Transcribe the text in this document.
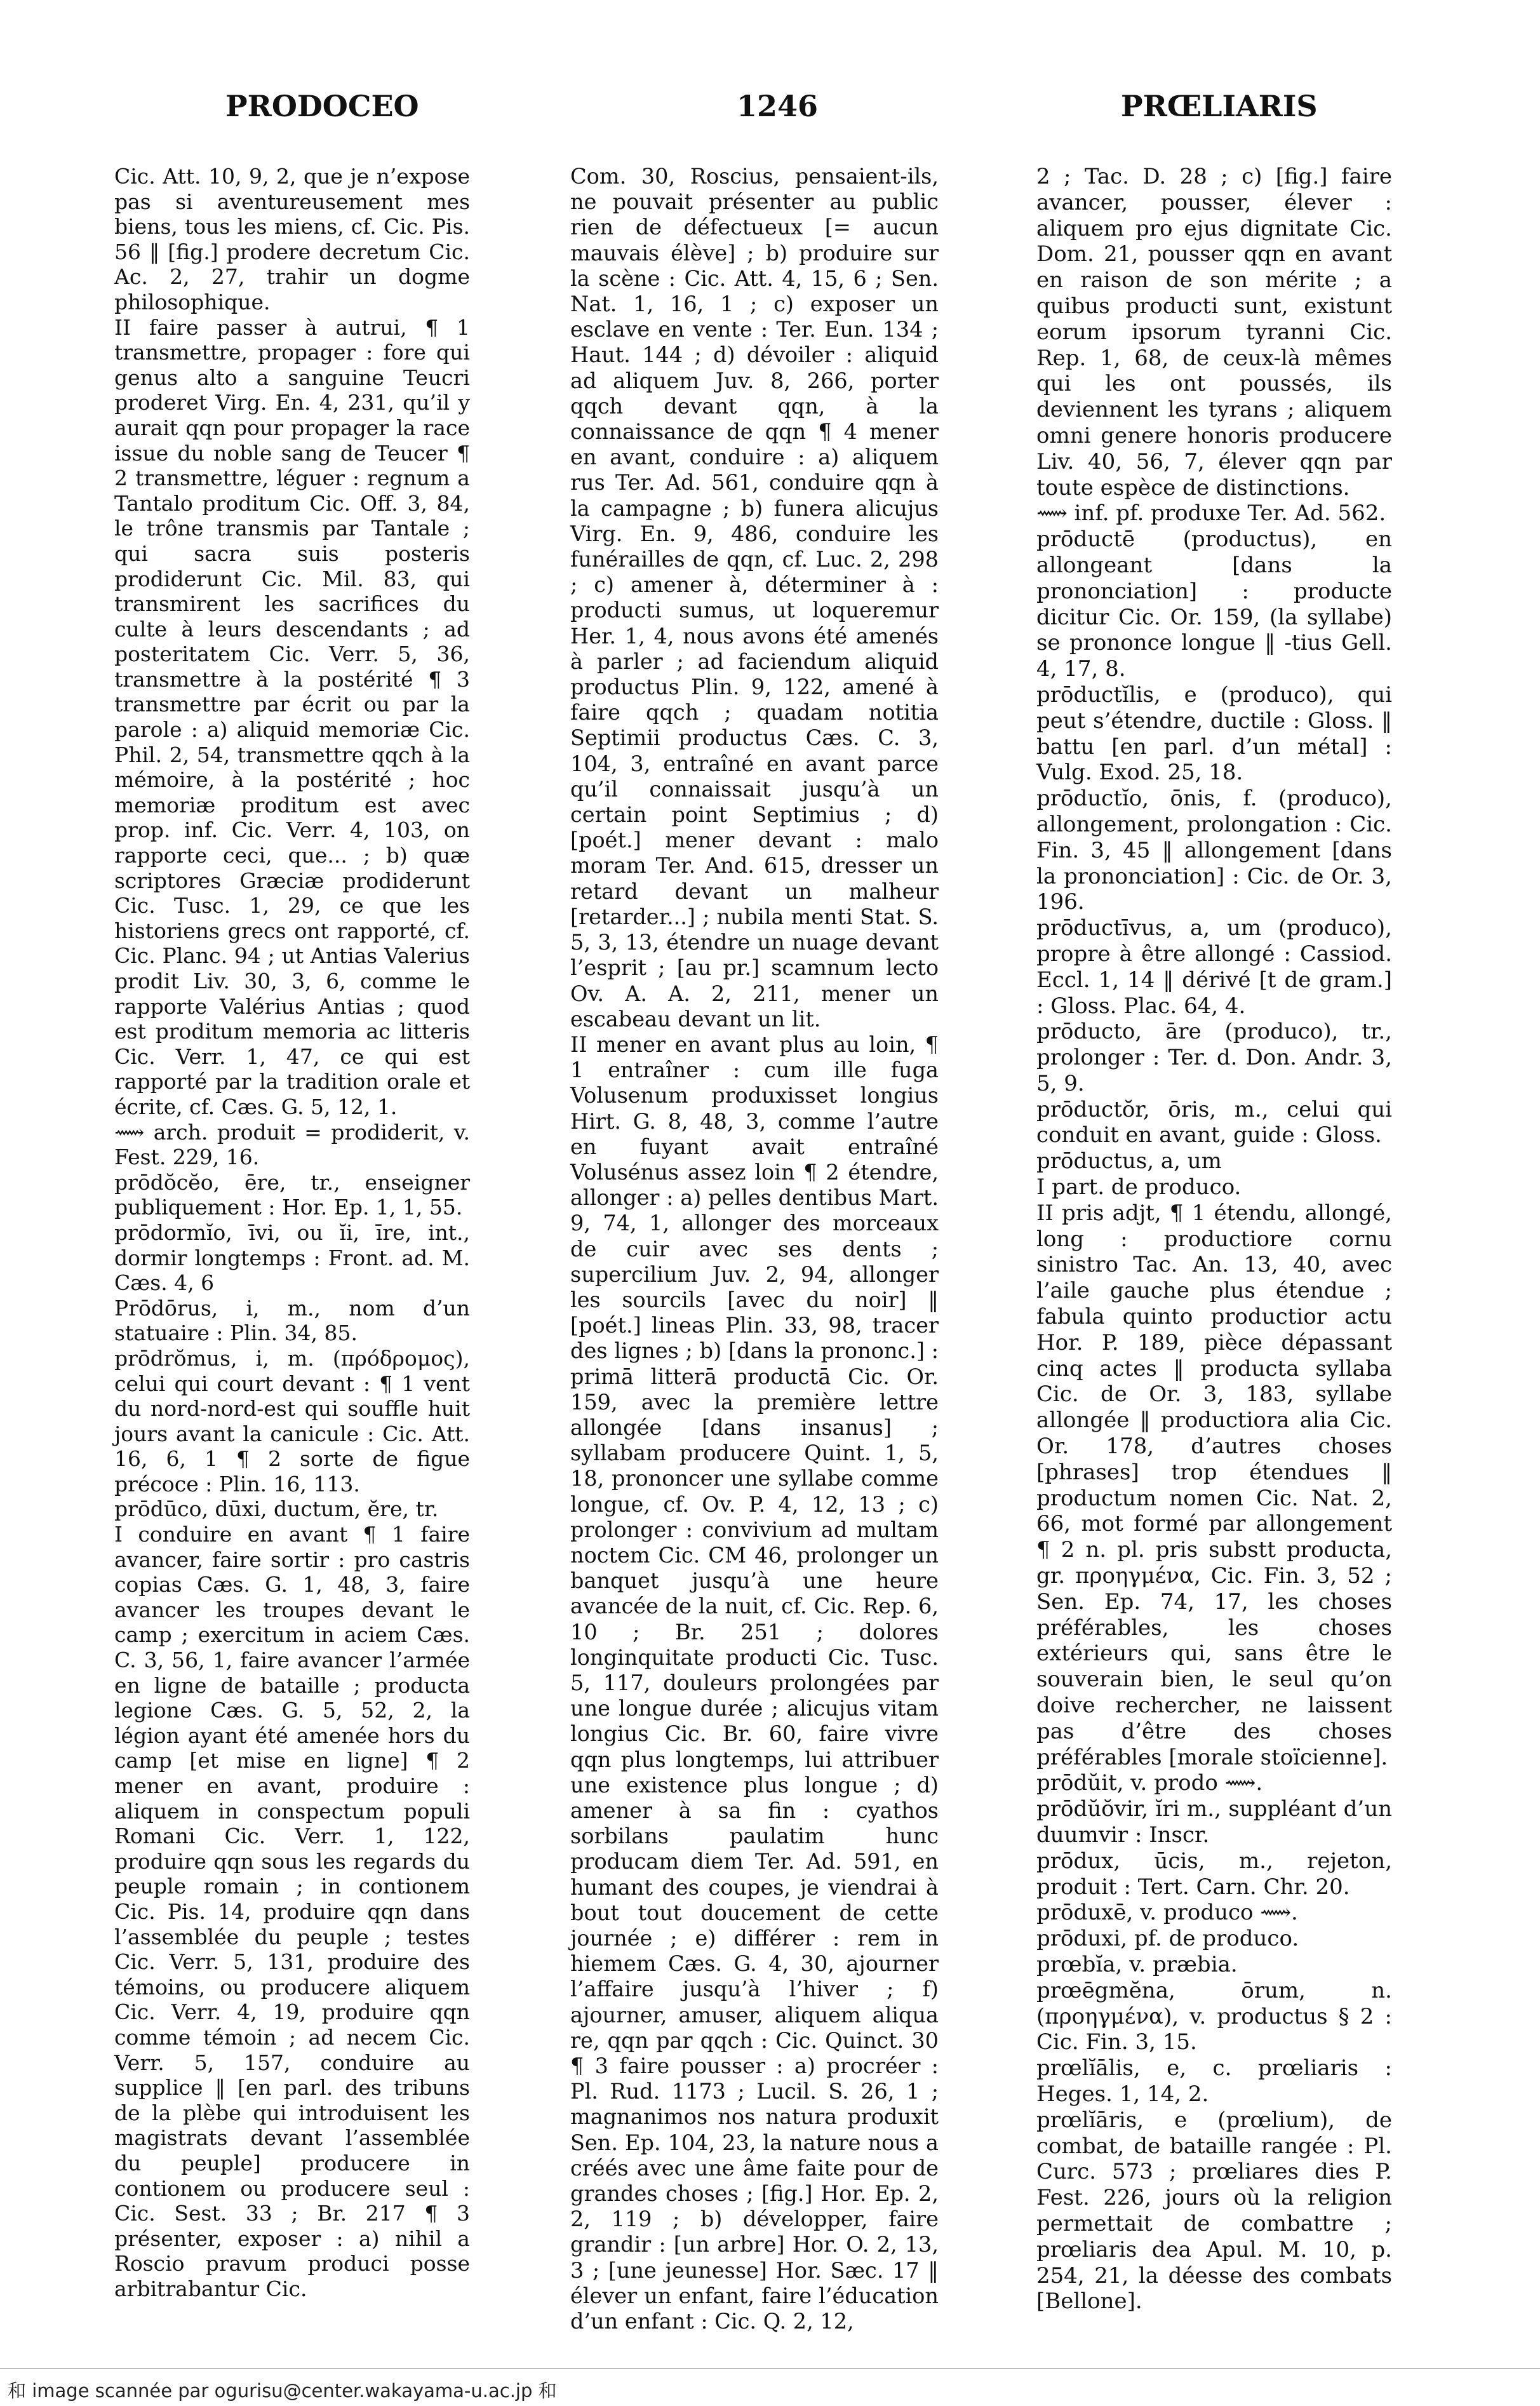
PRODOCEO	1246	PRŒLIARIS

Cic. Att. 10, 9, 2, que je n’expose pas si aventureusement mes biens, tous les miens, cf. Cic. Pis. 56 ‖ [fig.] prodere decretum Cic. Ac. 2, 27, trahir un dogme philosophique.

II faire passer à autrui, ¶ 1 transmettre, propager : fore qui genus alto a sanguine Teucri proderet Virg. En. 4, 231, qu’il y aurait qqn pour propager la race issue du noble sang de Teucer ¶ 2 transmettre, léguer : regnum a Tantalo proditum Cic. Off. 3, 84, le trône transmis par Tantale ; qui sacra suis posteris prodiderunt Cic. Mil. 83, qui transmirent les sacrifices du culte à leurs descendants ; ad posteritatem Cic. Verr. 5, 36, transmettre à la postérité ¶ 3 transmettre par écrit ou par la parole : a) aliquid memoriæ Cic. Phil. 2, 54, transmettre qqch à la mémoire, à la postérité ; hoc memoriæ proditum est avec prop. inf. Cic. Verr. 4, 103, on rapporte ceci, que... ; b) quæ scriptores Græciæ prodiderunt Cic. Tusc. 1, 29, ce que les historiens grecs ont rapporté, cf. Cic. Planc. 94 ; ut Antias Valerius prodit Liv. 30, 3, 6, comme le rapporte Valérius Antias ; quod est proditum memoria ac litteris Cic. Verr. 1, 47, ce qui est rapporté par la tradition orale et écrite, cf. Cæs. G. 5, 12, 1.

⟿ arch. produit = prodiderit, v. Fest. 229, 16.

prōdŏcĕo, ēre, tr., enseigner publiquement : Hor. Ep. 1, 1, 55.

prōdormĭo, īvi, ou ĭi, īre, int., dormir longtemps : Front. ad. M. Cæs. 4, 6

Prōdōrus, i, m., nom d’un statuaire : Plin. 34, 85.

prōdrŏmus, i, m. (πρόδρομος), celui qui court devant : ¶ 1 vent du nord-nord-est qui souffle huit jours avant la canicule : Cic. Att. 16, 6, 1 ¶ 2 sorte de figue précoce : Plin. 16, 113.

prōdūco, dūxi, ductum, ĕre, tr.

I conduire en avant ¶ 1 faire avancer, faire sortir : pro castris copias Cæs. G. 1, 48, 3, faire avancer les troupes devant le camp ; exercitum in aciem Cæs. C. 3, 56, 1, faire avancer l’armée en ligne de bataille ; producta legione Cæs. G. 5, 52, 2, la légion ayant été amenée hors du camp [et mise en ligne] ¶ 2 mener en avant, produire : aliquem in conspectum populi Romani Cic. Verr. 1, 122, produire qqn sous les regards du peuple romain ; in contionem Cic. Pis. 14, produire qqn dans l’assemblée du peuple ; testes Cic. Verr. 5, 131, produire des témoins, ou producere aliquem Cic. Verr. 4, 19, produire qqn comme témoin ; ad necem Cic. Verr. 5, 157, conduire au supplice ‖ [en parl. des tribuns de la plèbe qui introduisent les magistrats devant l’assemblée du peuple] producere in contionem ou producere seul : Cic. Sest. 33 ; Br. 217 ¶ 3 présenter, exposer : a) nihil a Roscio pravum produci posse arbitrabantur Cic.

Com. 30, Roscius, pensaient-ils, ne pouvait présenter au public rien de défectueux [= aucun mauvais élève] ; b) produire sur la scène : Cic. Att. 4, 15, 6 ; Sen. Nat. 1, 16, 1 ; c) exposer un esclave en vente : Ter. Eun. 134 ; Haut. 144 ; d) dévoiler : aliquid ad aliquem Juv. 8, 266, porter qqch devant qqn, à la connaissance de qqn ¶ 4 mener en avant, conduire : a) aliquem rus Ter. Ad. 561, conduire qqn à la campagne ; b) funera alicujus Virg. En. 9, 486, conduire les funérailles de qqn, cf. Luc. 2, 298 ; c) amener à, déterminer à : producti sumus, ut loqueremur Her. 1, 4, nous avons été amenés à parler ; ad faciendum aliquid productus Plin. 9, 122, amené à faire qqch ; quadam notitia Septimii productus Cæs. C. 3, 104, 3, entraîné en avant parce qu’il connaissait jusqu’à un certain point Septimius ; d) [poét.] mener devant : malo moram Ter. And. 615, dresser un retard devant un malheur [retarder...] ; nubila menti Stat. S. 5, 3, 13, étendre un nuage devant l’esprit ; [au pr.] scamnum lecto Ov. A. A. 2, 211, mener un escabeau devant un lit.

II mener en avant plus au loin, ¶ 1 entraîner : cum ille fuga Volusenum produxisset longius Hirt. G. 8, 48, 3, comme l’autre en fuyant avait entraîné Volusénus assez loin ¶ 2 étendre, allonger : a) pelles dentibus Mart. 9, 74, 1, allonger des morceaux de cuir avec ses dents ; supercilium Juv. 2, 94, allonger les sourcils [avec du noir] ‖ [poét.] lineas Plin. 33, 98, tracer des lignes ; b) [dans la prononc.] : primā litterā productā Cic. Or. 159, avec la première lettre allongée [dans insanus] ; syllabam producere Quint. 1, 5, 18, prononcer une syllabe comme longue, cf. Ov. P. 4, 12, 13 ; c) prolonger : convivium ad multam noctem Cic. CM 46, prolonger un banquet jusqu’à une heure avancée de la nuit, cf. Cic. Rep. 6, 10 ; Br. 251 ; dolores longinquitate producti Cic. Tusc. 5, 117, douleurs prolongées par une longue durée ; alicujus vitam longius Cic. Br. 60, faire vivre qqn plus longtemps, lui attribuer une existence plus longue ; d) amener à sa fin : cyathos sorbilans paulatim hunc producam diem Ter. Ad. 591, en humant des coupes, je viendrai à bout tout doucement de cette journée ; e) différer : rem in hiemem Cæs. G. 4, 30, ajourner l’affaire jusqu’à l’hiver ; f) ajourner, amuser, aliquem aliqua re, qqn par qqch : Cic. Quinct. 30 ¶ 3 faire pousser : a) procréer : Pl. Rud. 1173 ; Lucil. S. 26, 1 ; magnanimos nos natura produxit Sen. Ep. 104, 23, la nature nous a créés avec une âme faite pour de grandes choses ; [fig.] Hor. Ep. 2, 2, 119 ; b) développer, faire grandir : [un arbre] Hor. O. 2, 13, 3 ; [une jeunesse] Hor. Sæc. 17 ‖ élever un enfant, faire l’éducation d’un enfant : Cic. Q. 2, 12,

2 ; Tac. D. 28 ; c) [fig.] faire avancer, pousser, élever : aliquem pro ejus dignitate Cic. Dom. 21, pousser qqn en avant en raison de son mérite ; a quibus producti sunt, existunt eorum ipsorum tyranni Cic. Rep. 1, 68, de ceux-là mêmes qui les ont poussés, ils deviennent les tyrans ; aliquem omni genere honoris producere Liv. 40, 56, 7, élever qqn par toute espèce de distinctions.

⟿ inf. pf. produxe Ter. Ad. 562.

prōductē (productus), en allongeant [dans la prononciation] : producte dicitur Cic. Or. 159, (la syllabe) se prononce longue ‖ -tius Gell. 4, 17, 8.

prōductĭlis, e (produco), qui peut s’étendre, ductile : Gloss. ‖ battu [en parl. d’un métal] : Vulg. Exod. 25, 18.

prōductĭo, ōnis, f. (produco), allongement, prolongation : Cic. Fin. 3, 45 ‖ allongement [dans la prononciation] : Cic. de Or. 3, 196.

prōductīvus, a, um (produco), propre à être allongé : Cassiod. Eccl. 1, 14 ‖ dérivé [t de gram.] : Gloss. Plac. 64, 4.

prōducto, āre (produco), tr., prolonger : Ter. d. Don. Andr. 3, 5, 9.

prōductŏr, ōris, m., celui qui conduit en avant, guide : Gloss.

prōductus, a, um

I part. de produco.

II pris adjt, ¶ 1 étendu, allongé, long : productiore cornu sinistro Tac. An. 13, 40, avec l’aile gauche plus étendue ; fabula quinto productior actu Hor. P. 189, pièce dépassant cinq actes ‖ producta syllaba Cic. de Or. 3, 183, syllabe allongée ‖ productiora alia Cic. Or. 178, d’autres choses [phrases] trop étendues ‖ productum nomen Cic. Nat. 2, 66, mot formé par allongement ¶ 2 n. pl. pris substt producta, gr. προηγμένα, Cic. Fin. 3, 52 ; Sen. Ep. 74, 17, les choses préférables, les choses extérieurs qui, sans être le souverain bien, le seul qu’on doive rechercher, ne laissent pas d’être des choses préférables [morale stoïcienne].

prōdŭit, v. prodo ⟿.

prōdŭŏvir, ĭri m., suppléant d’un duumvir : Inscr.

prōdux, ūcis, m., rejeton, produit : Tert. Carn. Chr. 20.

prōduxē, v. produco ⟿.

prōduxi, pf. de produco.

prœbĭa, v. præbia.

prœēgmĕna, ōrum, n. (προηγμένα), v. productus § 2 : Cic. Fin. 3, 15.

prœlĭālis, e, c. prœliaris : Heges. 1, 14, 2.

prœlĭāris, e (prœlium), de combat, de bataille rangée : Pl. Curc. 573 ; prœliares dies P. Fest. 226, jours où la religion permettait de combattre ; prœliaris dea Apul. M. 10, p. 254, 21, la déesse des combats [Bellone].

和 image scannée par ogurisu@center.wakayama-u.ac.jp 和
